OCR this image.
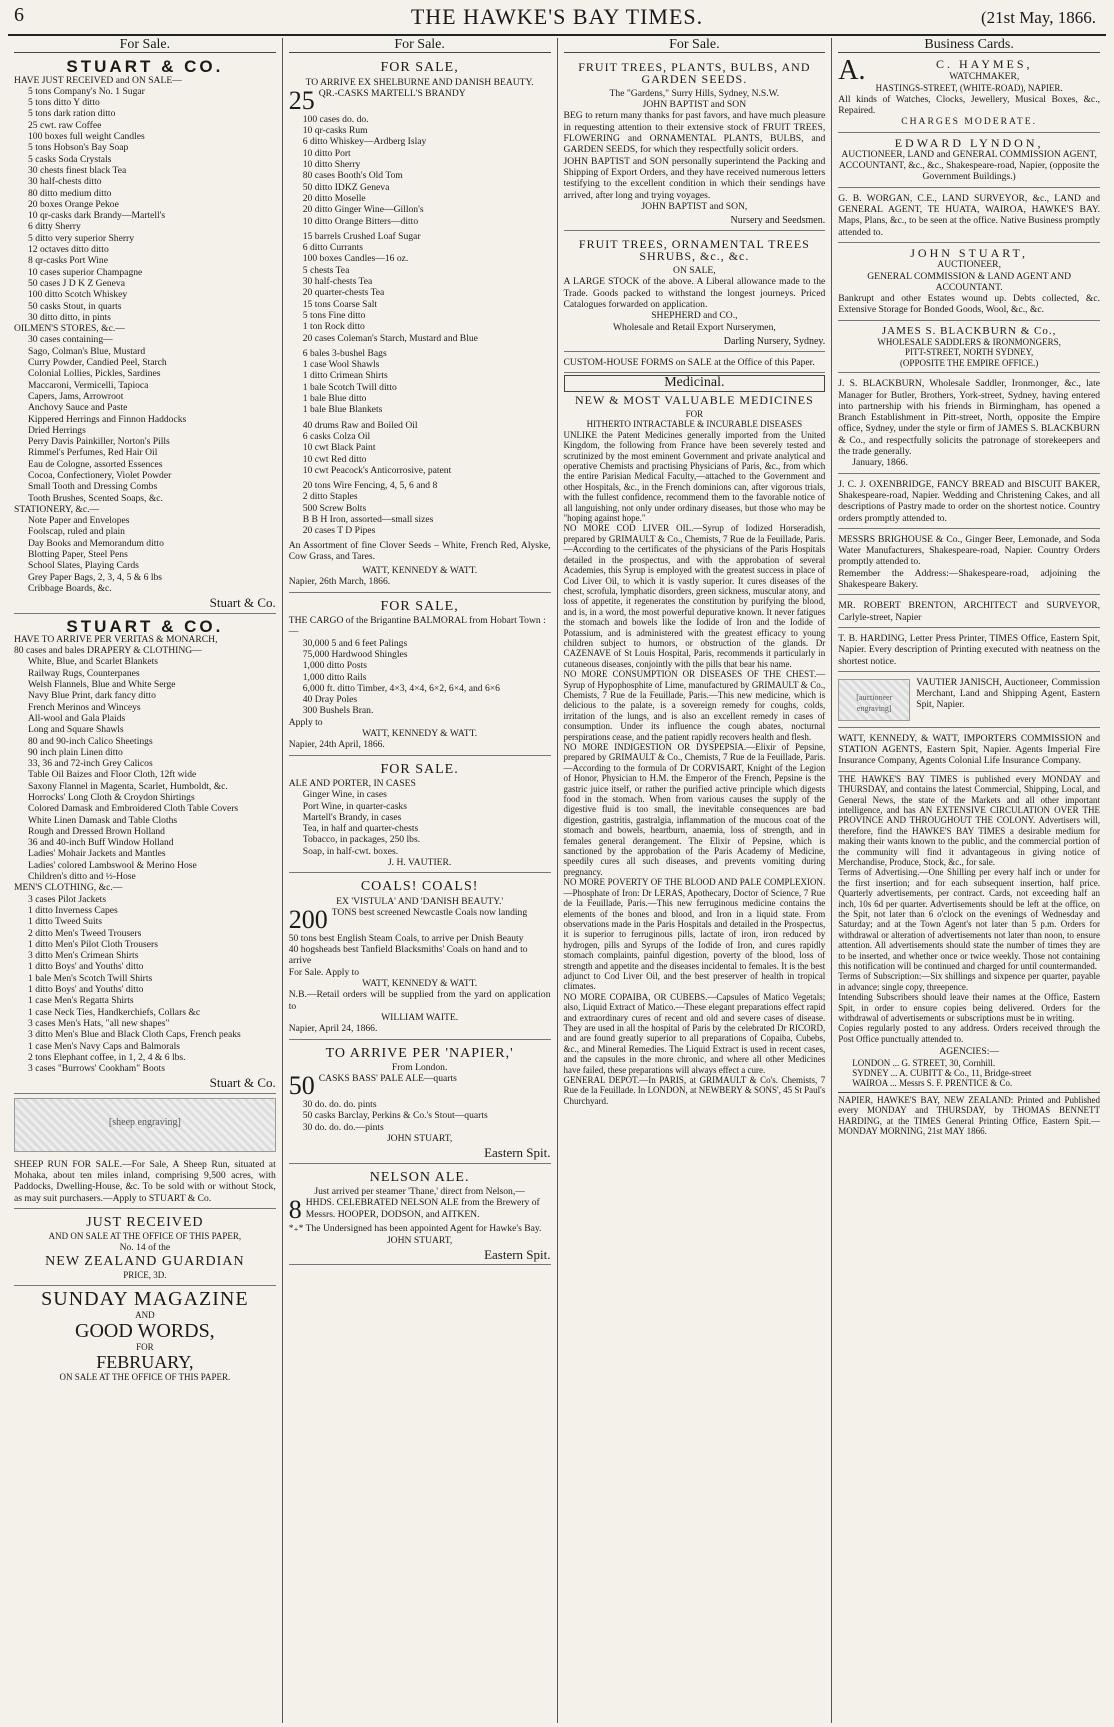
6	THE HAWKE'S BAY TIMES.	(21st May, 1866.
For Sale.
STUART & CO.
HAVE JUST RECEIVED and ON SALE—
5 tons Company's No. 1 Sugar
5 tons ditto Y ditto
5 tons dark ration ditto
25 cwt. raw Coffee
100 boxes full weight Candles
5 tons Hobson's Bay Soap
5 casks Soda Crystals
30 chests finest black Tea
30 half-chests ditto
80 ditto medium ditto
20 boxes Orange Pekoe
10 qr-casks dark Brandy—Martell's
6 ditty Sherry
5 ditto very superior Sherry
12 octaves ditto ditto
8 qr-casks Port Wine
10 cases superior Champagne
50 cases J D K Z Geneva
100 ditto Scotch Whiskey
50 casks Stout, in quarts
30 ditto ditto, in pints
OILMEN'S STORES, &c.—
30 cases containing—
Sago, Colman's Blue, Mustard
Curry Powder, Candied Peel, Starch
Colonial Lollies, Pickles, Sardines
Maccaroni, Vermicelli, Tapioca
Capers, Jams, Arrowroot
Anchovy Sauce and Paste
Kippered Herrings and Finnon Haddocks
Dried Herrings
Perry Davis Painkiller, Norton's Pills
Rimmel's Perfumes, Red Hair Oil
Eau de Cologne, assorted Essences
Cocoa, Confectionery, Violet Powder
Small Tooth and Dressing Combs
Tooth Brushes, Scented Soaps, &c.
STATIONERY, &c.—
Note Paper and Envelopes
Foolscap, ruled and plain
Day Books and Memorandum ditto
Blotting Paper, Steel Pens
School Slates, Playing Cards
Grey Paper Bags, 2, 3, 4, 5 & 6 lbs
Cribbage Boards, &c.
Stuart & Co.
STUART & CO.
HAVE TO ARRIVE PER VERITAS & MONARCH,
80 cases and bales DRAPERY & CLOTHING—
White, Blue, and Scarlet Blankets
Railway Rugs, Counterpanes
Welsh Flannels, Blue and White Serge
Navy Blue Print, dark fancy ditto
French Merinos and Winceys
All-wool and Gala Plaids
Long and Square Shawls
80 and 90-inch Calico Sheetings
90 inch plain Linen ditto
33, 36 and 72-inch Grey Calicos
Table Oil Baizes and Floor Cloth, 12ft wide
Saxony Flannel in Magenta, Scarlet, Humboldt, &c.
Horrocks' Long Cloth & Croydon Shirtings
Colored Damask and Embroidered Cloth Table Covers
White Linen Damask and Table Cloths
Rough and Dressed Brown Holland
36 and 40-inch Buff Window Holland
Ladies' Mohair Jackets and Mantles
Ladies' colored Lambswool & Merino Hose
Children's ditto and ½-Hose
MEN'S CLOTHING, &c.—
3 cases Pilot Jackets
1 ditto Inverness Capes
1 ditto Tweed Suits
2 ditto Men's Tweed Trousers
1 ditto Men's Pilot Cloth Trousers
3 ditto Men's Crimean Shirts
1 ditto Boys' and Youths' ditto
1 bale Men's Scotch Twill Shirts
1 ditto Boys' and Youths' ditto
1 case Men's Regatta Shirts
1 case Neck Ties, Handkerchiefs, Collars &c
3 cases Men's Hats, "all new shapes"
3 ditto Men's Blue and Black Cloth Caps, French peaks
1 case Men's Navy Caps and Balmorals
2 tons Elephant coffee, in 1, 2, 4 & 6 lbs.
3 cases "Burrows' Cookham" Boots
Stuart & Co.
[sheep engraving]
SHEEP RUN FOR SALE.—For Sale, A Sheep Run, situated at Mohaka, about ten miles inland, comprising 9,500 acres, with Paddocks, Dwelling-House, &c. To be sold with or without Stock, as may suit purchasers.—Apply to STUART & Co.
JUST RECEIVED
AND ON SALE AT THE OFFICE OF THIS PAPER,
No. 14 of the
NEW ZEALAND GUARDIAN
PRICE, 3D.
SUNDAY MAGAZINE
AND
GOOD WORDS,
FOR
FEBRUARY,
ON SALE AT THE OFFICE OF THIS PAPER.
For Sale.
FOR SALE,
TO ARRIVE EX SHELBURNE AND DANISH BEAUTY.
25 QR.-CASKS MARTELL'S BRANDY
100 cases do. do.
10 qr-casks Rum
6 ditto Whiskey—Ardberg Islay
10 ditto Port
10 ditto Sherry
80 cases Booth's Old Tom
50 ditto IDKZ Geneva
20 ditto Moselle
20 ditto Ginger Wine—Gillon's
10 ditto Orange Bitters—ditto
15 barrels Crushed Loaf Sugar
6 ditto Currants
100 boxes Candles—16 oz.
5 chests Tea
30 half-chests Tea
20 quarter-chests Tea
15 tons Coarse Salt
5 tons Fine ditto
1 ton Rock ditto
20 cases Coleman's Starch, Mustard and Blue
6 bales 3-bushel Bags
1 case Wool Shawls
1 ditto Crimean Shirts
1 bale Scotch Twill ditto
1 bale Blue ditto
1 bale Blue Blankets
40 drums Raw and Boiled Oil
6 casks Colza Oil
10 cwt Black Paint
10 cwt Red ditto
10 cwt Peacock's Anticorrosive, patent
20 tons Wire Fencing, 4, 5, 6 and 8
2 ditto Staples
500 Screw Bolts
B B H Iron, assorted—small sizes
20 cases T D Pipes
An Assortment of fine Clover Seeds – White, French Red, Alyske, Cow Grass, and Tares.
WATT, KENNEDY & WATT.
Napier, 26th March, 1866.
FOR SALE,
THE CARGO of the Brigantine BALMORAL from Hobart Town :—
30,000 5 and 6 feet Palings
75,000 Hardwood Shingles
1,000 ditto Posts
1,000 ditto Rails
6,000 ft. ditto Timber, 4×3, 4×4, 6×2, 6×4, and 6×6
40 Dray Poles
300 Bushels Bran.
Apply to
WATT, KENNEDY & WATT.
Napier, 24th April, 1866.
FOR SALE.
ALE AND PORTER, IN CASES
Ginger Wine, in cases
Port Wine, in quarter-casks
Martell's Brandy, in cases
Tea, in half and quarter-chests
Tobacco, in packages, 250 lbs.
Soap, in half-cwt. boxes.
J. H. VAUTIER.
COALS! COALS!
EX 'VISTULA' AND 'DANISH BEAUTY.'
200 TONS best screened Newcastle Coals now landing
50 tons best English Steam Coals, to arrive per Dnish Beauty
40 hogsheads best Tanfield Blacksmiths' Coals on hand and to arrive
For Sale. Apply to
WATT, KENNEDY & WATT.
N.B.—Retail orders will be supplied from the yard on application to
WILLIAM WAITE.
Napier, April 24, 1866.
TO ARRIVE PER 'NAPIER,'
From London.
50 CASKS BASS' PALE ALE—quarts
30 do. do. do. pints
50 casks Barclay, Perkins & Co.'s Stout—quarts
30 do. do. do.—pints
JOHN STUART,
Eastern Spit.
NELSON ALE.
Just arrived per steamer 'Thane,' direct from Nelson,—
8 HHDS. CELEBRATED NELSON ALE from the Brewery of Messrs. HOOPER, DODSON, and AITKEN.
*₊* The Undersigned has been appointed Agent for Hawke's Bay.
JOHN STUART,
Eastern Spit.
For Sale.
FRUIT TREES, PLANTS, BULBS, AND GARDEN SEEDS.
The "Gardens," Surry Hills, Sydney, N.S.W.
JOHN BAPTIST and SON
BEG to return many thanks for past favors, and have much pleasure in requesting attention to their extensive stock of FRUIT TREES, FLOWERING and ORNAMENTAL PLANTS, BULBS, and GARDEN SEEDS, for which they respectfully solicit orders.
JOHN BAPTIST and SON personally superintend the Packing and Shipping of Export Orders, and they have received numerous letters testifying to the excellent condition in which their sendings have arrived, after long and trying voyages.
JOHN BAPTIST and SON,
Nursery and Seedsmen.
FRUIT TREES, ORNAMENTAL TREES SHRUBS, &c., &c.
ON SALE,
A LARGE STOCK of the above. A Liberal allowance made to the Trade. Goods packed to withstand the longest journeys. Priced Catalogues forwarded on application.
SHEPHERD and CO.,
Wholesale and Retail Export Nurserymen,
Darling Nursery, Sydney.
CUSTOM-HOUSE FORMS on SALE at the Office of this Paper.
Medicinal.
NEW & MOST VALUABLE MEDICINES
FOR
HITHERTO INTRACTABLE & INCURABLE DISEASES
UNLIKE the Patent Medicines generally imported from the United Kingdom, the following from France have been severely tested and scrutinized by the most eminent Government and private analytical and operative Chemists and practising Physicians of Paris, &c., from which the entire Parisian Medical Faculty,—attached to the Government and other Hospitals, &c., in the French dominions can, after vigorous trials, with the fullest confidence, recommend them to the favorable notice of all languishing, not only under ordinary diseases, but those who may be "hoping against hope."
NO MORE COD LIVER OIL.—Syrup of Iodized Horseradish, prepared by GRIMAULT & Co., Chemists, 7 Rue de la Feuillade, Paris.—According to the certificates of the physicians of the Paris Hospitals detailed in the prospectus, and with the approbation of several Academies, this Syrup is employed with the greatest success in place of Cod Liver Oil, to which it is vastly superior. It cures diseases of the chest, scrofula, lymphatic disorders, green sickness, muscular atony, and loss of appetite, it regenerates the constitution by purifying the blood, and is, in a word, the most powerful depurative known. It never fatigues the stomach and bowels like the Iodide of Iron and the Iodide of Potassium, and is administered with the greatest efficacy to young children subject to humors, or obstruction of the glands. Dr CAZENAVE of St Louis Hospital, Paris, recommends it particularly in cutaneous diseases, conjointly with the pills that bear his name.
NO MORE CONSUMPTION OR DISEASES OF THE CHEST.—Syrup of Hypophosphite of Lime, manufactured by GRIMAULT & Co., Chemists, 7 Rue de la Feuillade, Paris.—This new medicine, which is delicious to the palate, is a sovereign remedy for coughs, colds, irritation of the lungs, and is also an excellent remedy in cases of consumption. Under its influence the cough abates, nocturnal perspirations cease, and the patient rapidly recovers health and flesh.
NO MORE INDIGESTION OR DYSPEPSIA.—Elixir of Pepsine, prepared by GRIMAULT & Co., Chemists, 7 Rue de la Feuillade, Paris.—According to the formula of Dr CORVISART, Knight of the Legion of Honor, Physician to H.M. the Emperor of the French, Pepsine is the gastric juice itself, or rather the purified active principle which digests food in the stomach. When from various causes the supply of the digestive fluid is too small, the inevitable consequences are bad digestion, gastritis, gastralgia, inflammation of the mucous coat of the stomach and bowels, heartburn, anaemia, loss of strength, and in females general derangement. The Elixir of Pepsine, which is sanctioned by the approbation of the Paris Academy of Medicine, speedily cures all such diseases, and prevents vomiting during pregnancy.
NO MORE POVERTY OF THE BLOOD AND PALE COMPLEXION.—Phosphate of Iron: Dr LERAS, Apothecary, Doctor of Science, 7 Rue de la Feuillade, Paris.—This new ferruginous medicine contains the elements of the bones and blood, and Iron in a liquid state. From observations made in the Paris Hospitals and detailed in the Prospectus, it is superior to ferruginous pills, lactate of iron, iron reduced by hydrogen, pills and Syrups of the Iodide of Iron, and cures rapidly stomach complaints, painful digestion, poverty of the blood, loss of strength and appetite and the diseases incidental to females. It is the best adjunct to Cod Liver Oil, and the best preserver of health in tropical climates.
NO MORE COPAIBA, OR CUBEBS.—Capsules of Matico Vegetals; also, Liquid Extract of Matico.—These elegant preparations effect rapid and extraordinary cures of recent and old and severe cases of disease. They are used in all the hospital of Paris by the celebrated Dr RICORD, and are found greatly superior to all preparations of Copaiba, Cubebs, &c., and Mineral Remedies. The Liquid Extract is used in recent cases, and the capsules in the more chronic, and where all other Medicines have failed, these preparations will always effect a cure.
GENERAL DEPOT.—In PARIS, at GRIMAULT & Co's. Chemists, 7 Rue de la Feuillade. In LONDON, at NEWBERY & SONS', 45 St Paul's Churchyard.
Business Cards.
A.	C. HAYMES,
WATCHMAKER,
HASTINGS-STREET, (WHITE-ROAD), NAPIER.
All kinds of Watches, Clocks, Jewellery, Musical Boxes, &c., Repaired.
CHARGES MODERATE.
EDWARD LYNDON,
AUCTIONEER, LAND and GENERAL COMMISSION AGENT, ACCOUNTANT, &c., &c., Shakespeare-road, Napier, (opposite the Government Buildings.)
G. B. WORGAN, C.E., LAND SURVEYOR, &c., LAND and GENERAL AGENT, TE HUATA, WAIROA, HAWKE'S BAY. Maps, Plans, &c., to be seen at the office. Native Business promptly attended to.
JOHN STUART,
AUCTIONEER,
GENERAL COMMISSION & LAND AGENT AND ACCOUNTANT.
Bankrupt and other Estates wound up. Debts collected, &c. Extensive Storage for Bonded Goods, Wool, &c., &c.
JAMES S. BLACKBURN & Co.,
WHOLESALE SADDLERS & IRONMONGERS,
PITT-STREET, NORTH SYDNEY,
(OPPOSITE THE EMPIRE OFFICE.)
J. S. BLACKBURN, Wholesale Saddler, Ironmonger, &c., late Manager for Butler, Brothers, York-street, Sydney, having entered into partnership with his friends in Birmingham, has opened a Branch Establishment in Pitt-street, North, opposite the Empire office, Sydney, under the style or firm of JAMES S. BLACKBURN & Co., and respectfully solicits the patronage of storekeepers and the trade generally.
January, 1866.
J. C. J. OXENBRIDGE, FANCY BREAD and BISCUIT BAKER, Shakespeare-road, Napier. Wedding and Christening Cakes, and all descriptions of Pastry made to order on the shortest notice. Country orders promptly attended to.
MESSRS BRIGHOUSE & Co., Ginger Beer, Lemonade, and Soda Water Manufacturers, Shakespeare-road, Napier. Country Orders promptly attended to.
Remember the Address:—Shakespeare-road, adjoining the Shakespeare Bakery.
MR. ROBERT BRENTON, ARCHITECT and SURVEYOR, Carlyle-street, Napier
T. B. HARDING, Letter Press Printer, TIMES Office, Eastern Spit, Napier. Every description of Printing executed with neatness on the shortest notice.
[auctioneer engraving]
VAUTIER JANISCH, Auctioneer, Commission Merchant, Land and Shipping Agent, Eastern Spit, Napier.
WATT, KENNEDY, & WATT, IMPORTERS COMMISSION and STATION AGENTS, Eastern Spit, Napier. Agents Imperial Fire Insurance Company, Agents Colonial Life Insurance Company.
THE HAWKE'S BAY TIMES is published every MONDAY and THURSDAY, and contains the latest Commercial, Shipping, Local, and General News, the state of the Markets and all other important intelligence, and has AN EXTENSIVE CIRCULATION OVER THE PROVINCE AND THROUGHOUT THE COLONY. Advertisers will, therefore, find the HAWKE'S BAY TIMES a desirable medium for making their wants known to the public, and the commercial portion of the community will find it advantageous in giving notice of Merchandise, Produce, Stock, &c., for sale.
Terms of Advertising.—One Shilling per every half inch or under for the first insertion; and for each subsequent insertion, half price. Quarterly advertisements, per contract. Cards, not exceeding half an inch, 10s 6d per quarter. Advertisements should be left at the office, on the Spit, not later than 6 o'clock on the evenings of Wednesday and Saturday; and at the Town Agent's not later than 5 p.m. Orders for withdrawal or alteration of advertisements not later than noon, to ensure attention. All advertisements should state the number of times they are to be inserted, and whether once or twice weekly. Those not containing this notification will be continued and charged for until countermanded.
Terms of Subscription:—Six shillings and sixpence per quarter, payable in advance; single copy, threepence.
Intending Subscribers should leave their names at the Office, Eastern Spit, in order to ensure copies being delivered. Orders for the withdrawal of advertisements or subscriptions must be in writing.
Copies regularly posted to any address. Orders received through the Post Office punctually attended to.
AGENCIES:—
LONDON ... G. STREET, 30, Cornhill.
SYDNEY ... A. CUBITT & Co., 11, Bridge-street
WAIROA ... Messrs S. F. PRENTICE & Co.
NAPIER, HAWKE'S BAY, NEW ZEALAND: Printed and Published every MONDAY and THURSDAY, by THOMAS BENNETT HARDING, at the TIMES General Printing Office, Eastern Spit.—MONDAY MORNING, 21st MAY 1866.
